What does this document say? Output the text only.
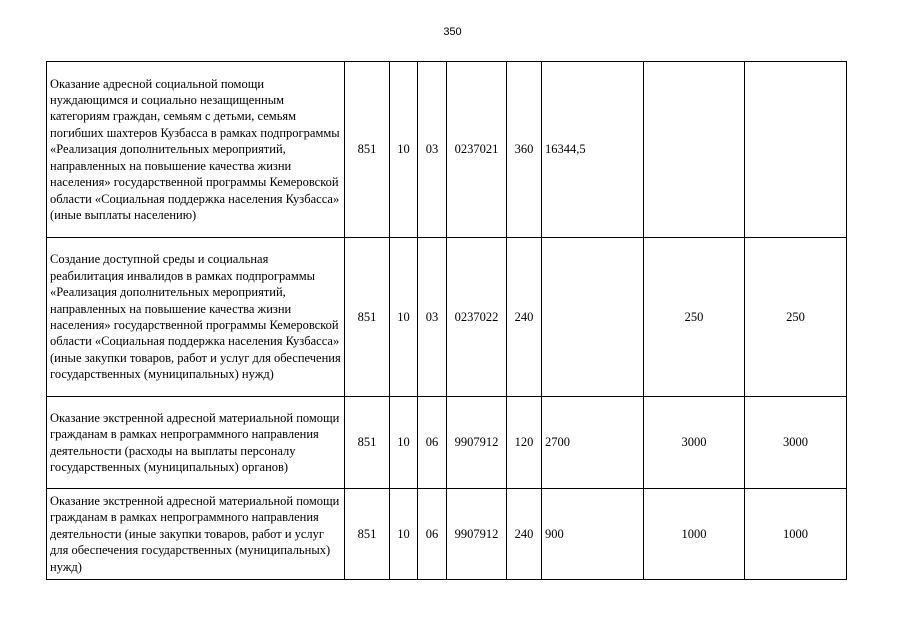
350
Оказание адресной социальной помощи нуждающимся и социально незащищенным категориям граждан, семьям с детьми, семьям погибших шахтеров Кузбасса в рамках подпрограммы «Реализация дополнительных мероприятий, направленных на повышение качества жизни населения» государственной программы Кемеровской области «Социальная поддержка населения Кузбасса» (иные выплаты населению)	851	10	03	0237021	360	16344,5		
Создание доступной среды и социальная реабилитация инвалидов в рамках подпрограммы «Реализация дополнительных мероприятий, направленных на повышение качества жизни населения» государственной программы Кемеровской области «Социальная поддержка населения Кузбасса» (иные закупки товаров, работ и услуг для обеспечения государственных (муниципальных) нужд)	851	10	03	0237022	240		250	250
Оказание экстренной адресной материальной помощи гражданам в рамках непрограммного направления деятельности (расходы на выплаты персоналу государственных (муниципальных) органов)	851	10	06	9907912	120	2700	3000	3000
Оказание экстренной адресной материальной помощи гражданам в рамках непрограммного направления деятельности (иные закупки товаров, работ и услуг для обеспечения государственных (муниципальных) нужд)	851	10	06	9907912	240	900	1000	1000
